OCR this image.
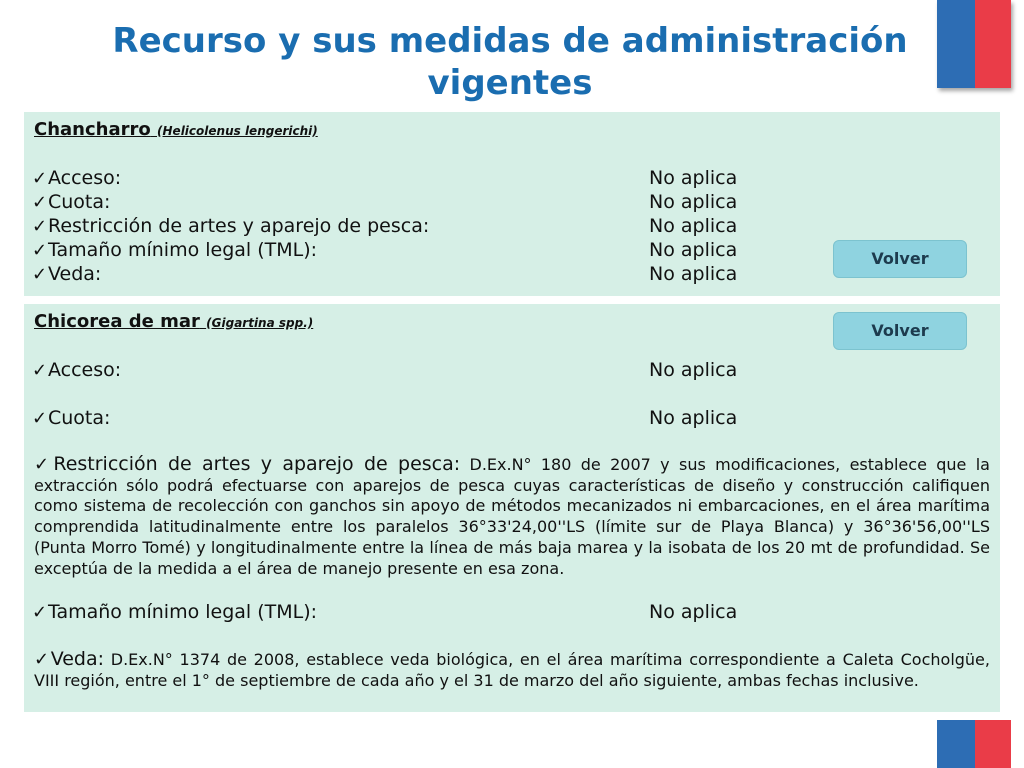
Recurso y sus medidas de administración vigentes
Chancharro (Helicolenus lengerichi)
✓Acceso:	No aplica
✓Cuota:	No aplica
✓Restricción de artes y aparejo de pesca:	No aplica
✓Tamaño mínimo legal (TML):	No aplica
✓Veda:	No aplica
Volver
Chicorea de mar (Gigartina spp.)	Volver
✓Acceso:	No aplica
✓Cuota:	No aplica
✓Restricción de artes y aparejo de pesca: D.Ex.N° 180 de 2007 y sus modificaciones, establece que la extracción sólo podrá efectuarse con aparejos de pesca cuyas características de diseño y construcción califiquen como sistema de recolección con ganchos sin apoyo de métodos mecanizados ni embarcaciones, en el área marítima comprendida latitudinalmente entre los paralelos 36°33'24,00''LS (límite sur de Playa Blanca) y 36°36'56,00''LS (Punta Morro Tomé) y longitudinalmente entre la línea de más baja marea y la isobata de los 20 mt de profundidad. Se exceptúa de la medida a el área de manejo presente en esa zona.
✓Tamaño mínimo legal (TML):	No aplica
✓Veda: D.Ex.N° 1374 de 2008, establece veda biológica, en el área marítima correspondiente a Caleta Cocholgüe, VIII región, entre el 1° de septiembre de cada año y el 31 de marzo del año siguiente, ambas fechas inclusive.
